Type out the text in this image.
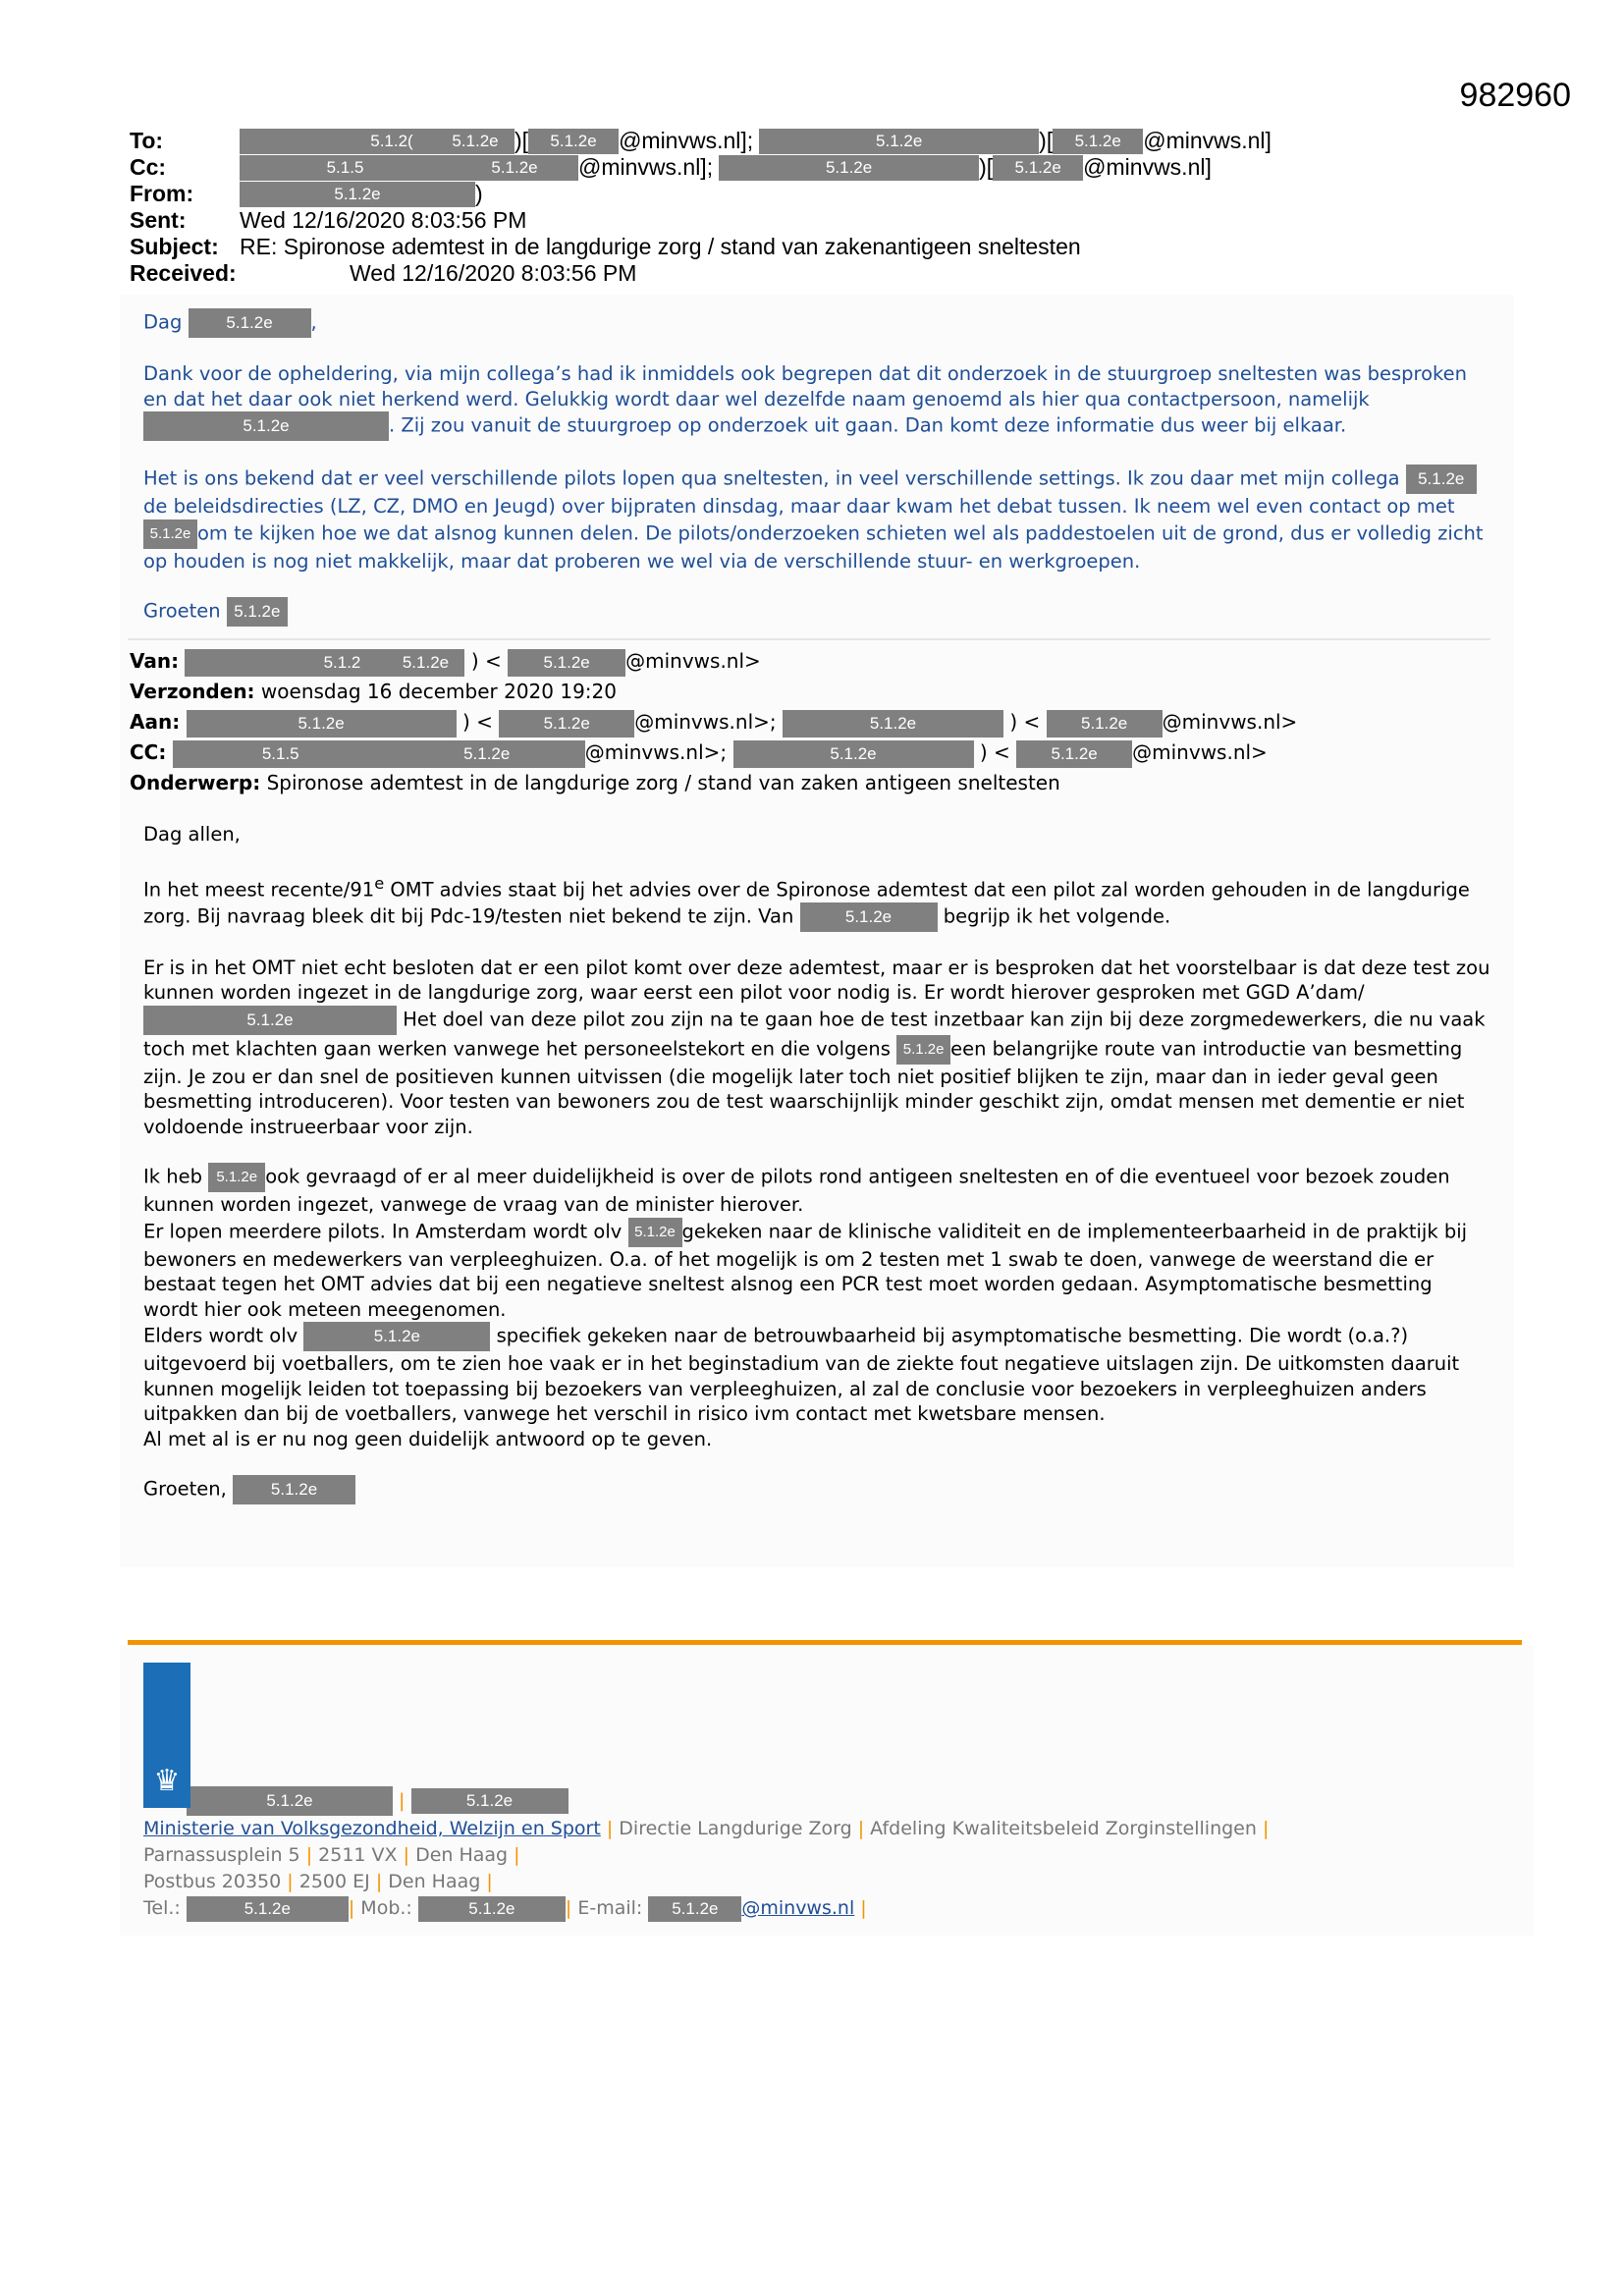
982960
To:	5.1.2(	5.1.2e )[	5.1.2e @minvws.nl];	5.1.2e	)[	5.1.2e @minvws.nl]
Cc:	5.1.5	5.1.2e	@minvws.nl];	5.1.2e	)[	5.1.2e @minvws.nl]
From:	5.1.2e	)
Sent:	Wed 12/16/2020 8:03:56 PM
Subject: RE: Spironose ademtest in de langdurige zorg / stand van zakenantigeen sneltesten
Received:	Wed 12/16/2020 8:03:56 PM

Dag	5.1.2e ,

Dank voor de opheldering, via mijn collega’s had ik inmiddels ook begrepen dat dit onderzoek in de stuurgroep sneltesten was besproken en dat het daar ook niet herkend werd. Gelukkig wordt daar wel dezelfde naam genoemd als hier qua contactpersoon, namelijk 5.1.2e	. Zij zou vanuit de stuurgroep op onderzoek uit gaan. Dan komt deze informatie dus weer bij elkaar.

Het is ons bekend dat er veel verschillende pilots lopen qua sneltesten, in veel verschillende settings. Ik zou daar met mijn collega 5.1.2e de beleidsdirecties (LZ, CZ, DMO en Jeugd) over bijpraten dinsdag, maar daar kwam het debat tussen. Ik neem wel even contact op met 5.1.2e om te kijken hoe we dat alsnog kunnen delen. De pilots/onderzoeken schieten wel als paddestoelen uit de grond, dus er volledig zicht op houden is nog niet makkelijk, maar dat proberen we wel via de verschillende stuur- en werkgroepen.

Groeten 5.1.2e

Van:	5.1.2 5.1.2e ) <	5.1.2e @minvws.nl>
Verzonden: woensdag 16 december 2020 19:20
Aan:	5.1.2e	) <	5.1.2e @minvws.nl>;	5.1.2e	) < 5.1.2e @minvws.nl>
CC:	5.1.5	5.1.2e	@minvws.nl>;	5.1.2e	) < 5.1.2e @minvws.nl>
Onderwerp: Spironose ademtest in de langdurige zorg / stand van zaken antigeen sneltesten

Dag allen,

In het meest recente/91e OMT advies staat bij het advies over de Spironose ademtest dat een pilot zal worden gehouden in de langdurige zorg. Bij navraag bleek dit bij Pdc-19/testen niet bekend te zijn. Van	5.1.2e	begrijp ik het volgende.

Er is in het OMT niet echt besloten dat er een pilot komt over deze ademtest, maar er is besproken dat het voorstelbaar is dat deze test zou kunnen worden ingezet in de langdurige zorg, waar eerst een pilot voor nodig is. Er wordt hierover gesproken met GGD A’dam/5.1.2e	Het doel van deze pilot zou zijn na te gaan hoe de test inzetbaar kan zijn bij deze zorgmedewerkers, die nu vaak toch met klachten gaan werken vanwege het personeelstekort en die volgens 5.1.2e een belangrijke route van introductie van besmetting zijn. Je zou er dan snel de positieven kunnen uitvissen (die mogelijk later toch niet positief blijken te zijn, maar dan in ieder geval geen besmetting introduceren). Voor testen van bewoners zou de test waarschijnlijk minder geschikt zijn, omdat mensen met dementie er niet voldoende instrueerbaar voor zijn.

Ik heb 5.1.2e ook gevraagd of er al meer duidelijkheid is over de pilots rond antigeen sneltesten en of die eventueel voor bezoek zouden kunnen worden ingezet, vanwege de vraag van de minister hierover.
Er lopen meerdere pilots. In Amsterdam wordt olv 5.1.2e gekeken naar de klinische validiteit en de implementeerbaarheid in de praktijk bij bewoners en medewerkers van verpleeghuizen. O.a. of het mogelijk is om 2 testen met 1 swab te doen, vanwege de weerstand die er bestaat tegen het OMT advies dat bij een negatieve sneltest alsnog een PCR test moet worden gedaan. Asymptomatische besmetting wordt hier ook meteen meegenomen.
Elders wordt olv	5.1.2e	specifiek gekeken naar de betrouwbaarheid bij asymptomatische besmetting. Die wordt (o.a.?) uitgevoerd bij voetballers, om te zien hoe vaak er in het beginstadium van de ziekte fout negatieve uitslagen zijn. De uitkomsten daaruit kunnen mogelijk leiden tot toepassing bij bezoekers van verpleeghuizen, al zal de conclusie voor bezoekers in verpleeghuizen anders uitpakken dan bij de voetballers, vanwege het verschil in risico ivm contact met kwetsbare mensen.
Al met al is er nu nog geen duidelijk antwoord op te geven.

Groeten,	5.1.2e

♛
5.1.2e	|	5.1.2e
Ministerie van Volksgezondheid, Welzijn en Sport | Directie Langdurige Zorg | Afdeling Kwaliteitsbeleid Zorginstellingen |
Parnassusplein 5 | 2511 VX | Den Haag |
Postbus 20350 | 2500 EJ | Den Haag |
Tel.:	5.1.2e	| Mob.:	5.1.2e	| E-mail: 5.1.2e @minvws.nl |
